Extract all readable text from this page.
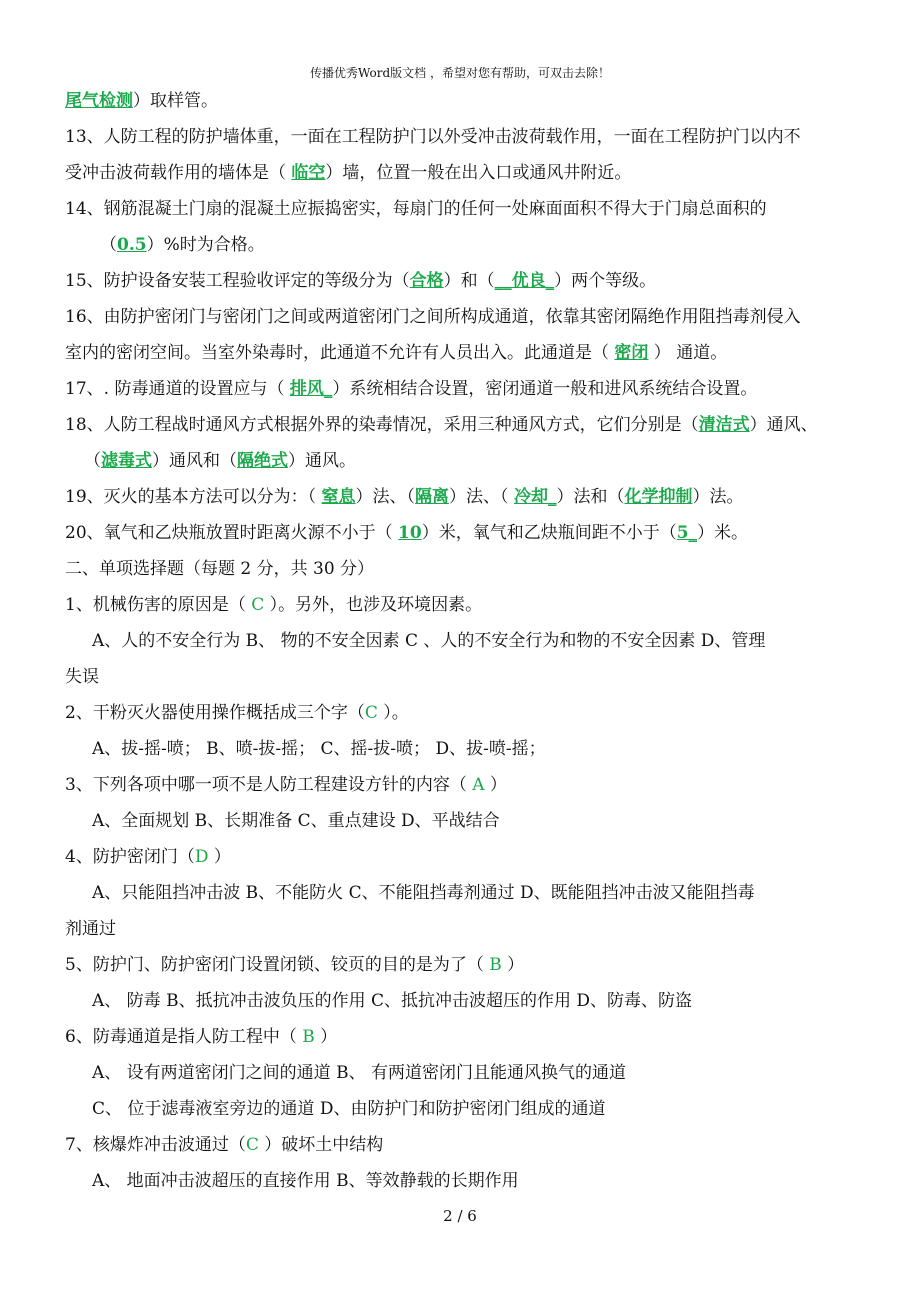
传播优秀Word版文档 ，希望对您有帮助，可双击去除！
尾气检测）取样管。
13、人防工程的防护墙体重，一面在工程防护门以外受冲击波荷载作用，一面在工程防护门以内不
受冲击波荷载作用的墙体是（ 临空）墙，位置一般在出入口或通风井附近。
14、钢筋混凝土门扇的混凝土应振捣密实，每扇门的任何一处麻面面积不得大于门扇总面积的
（0.5）%时为合格。
15、防护设备安装工程验收评定的等级分为（合格）和（__优良_）两个等级。
16、由防护密闭门与密闭门之间或两道密闭门之间所构成通道，依靠其密闭隔绝作用阻挡毒剂侵入
室内的密闭空间。当室外染毒时，此通道不允许有人员出入。此通道是（ 密闭 ） 通道。
17、. 防毒通道的设置应与（ 排风_）系统相结合设置，密闭通道一般和进风系统结合设置。
18、人防工程战时通风方式根据外界的染毒情况，采用三种通风方式，它们分别是（清洁式）通风、
（滤毒式）通风和（隔绝式）通风。
19、灭火的基本方法可以分为：（ 窒息）法、（隔离）法、（ 冷却_）法和（化学抑制）法。
20、氧气和乙炔瓶放置时距离火源不小于（ 10）米，氧气和乙炔瓶间距不小于（5_）米。
二、单项选择题（每题 2 分，共 30 分）
1、机械伤害的原因是（ C ）。另外，也涉及环境因素。
A、人的不安全行为 B、 物的不安全因素 C 、人的不安全行为和物的不安全因素 D、管理
失误
2、干粉灭火器使用操作概括成三个字（C ）。
A、拔-摇-喷； B、喷-拔-摇； C、摇-拔-喷； D、拔-喷-摇；
3、下列各项中哪一项不是人防工程建设方针的内容（ A ）
A、全面规划 B、长期准备 C、重点建设 D、平战结合
4、防护密闭门（D ）
A、只能阻挡冲击波 B、不能防火 C、不能阻挡毒剂通过 D、既能阻挡冲击波又能阻挡毒
剂通过
5、防护门、防护密闭门设置闭锁、铰页的目的是为了（ B ）
A、 防毒 B、抵抗冲击波负压的作用 C、抵抗冲击波超压的作用 D、防毒、防盗
6、防毒通道是指人防工程中（ B ）
A、 设有两道密闭门之间的通道 B、 有两道密闭门且能通风换气的通道
C、 位于滤毒液室旁边的通道 D、由防护门和防护密闭门组成的通道
7、核爆炸冲击波通过（C ）破坏土中结构
A、 地面冲击波超压的直接作用 B、等效静载的长期作用
2 / 6
